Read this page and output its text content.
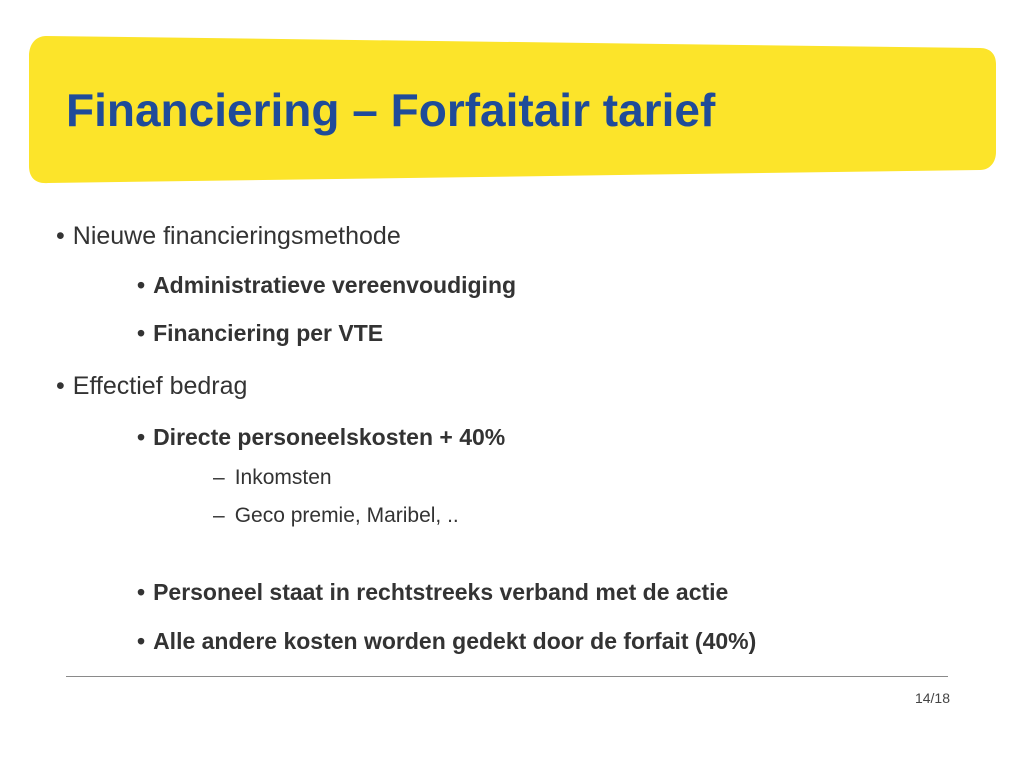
Financiering – Forfaitair tarief
• Nieuwe financieringsmethode
• Administratieve vereenvoudiging
• Financiering per VTE
• Effectief bedrag
• Directe personeelskosten + 40%
– Inkomsten
– Geco premie, Maribel, ..
• Personeel staat in rechtstreeks verband met de actie
• Alle andere kosten worden gedekt door de forfait (40%)
14/18
